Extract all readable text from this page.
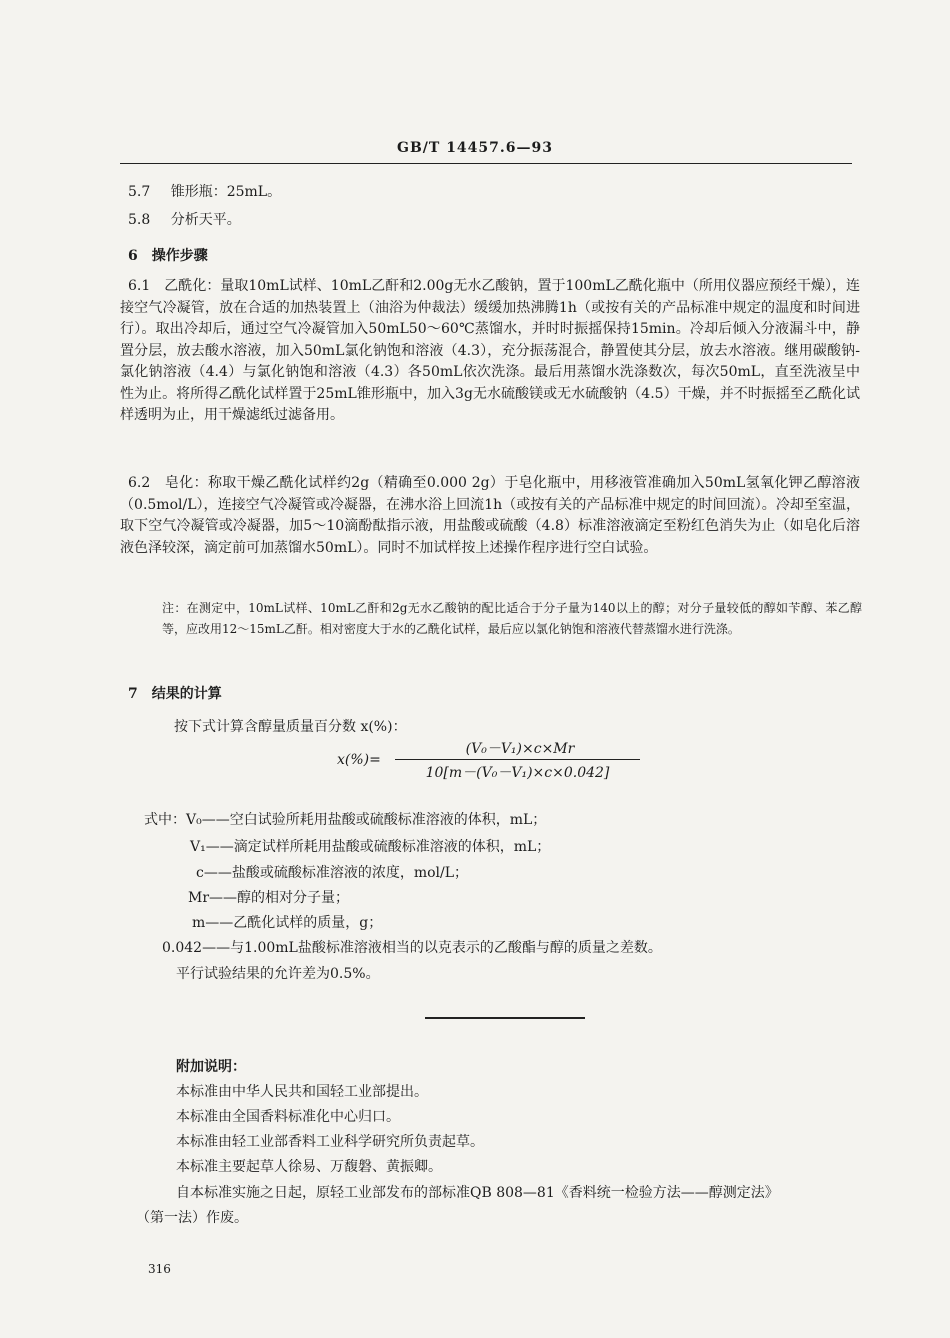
GB/T 14457.6—93
5.7 锥形瓶：25mL。
5.8 分析天平。
6　操作步骤
6.1　乙酰化：量取10mL试样、10mL乙酐和2.00g无水乙酸钠，置于100mL乙酰化瓶中（所用仪器应预经干燥），连接空气冷凝管，放在合适的加热装置上（油浴为仲裁法）缓缓加热沸腾1h（或按有关的产品标准中规定的温度和时间进行）。取出冷却后，通过空气冷凝管加入50mL50～60℃蒸馏水，并时时振摇保持15min。冷却后倾入分液漏斗中，静置分层，放去酸水溶液，加入50mL氯化钠饱和溶液（4.3），充分振荡混合，静置使其分层，放去水溶液。继用碳酸钠-氯化钠溶液（4.4）与氯化钠饱和溶液（4.3）各50mL依次洗涤。最后用蒸馏水洗涤数次，每次50mL，直至洗液呈中性为止。将所得乙酰化试样置于25mL锥形瓶中，加入3g无水硫酸镁或无水硫酸钠（4.5）干燥，并不时振摇至乙酰化试样透明为止，用干燥滤纸过滤备用。
6.2　皂化：称取干燥乙酰化试样约2g（精确至0.000 2g）于皂化瓶中，用移液管准确加入50mL氢氧化钾乙醇溶液（0.5mol/L），连接空气冷凝管或冷凝器，在沸水浴上回流1h（或按有关的产品标准中规定的时间回流）。冷却至室温，取下空气冷凝管或冷凝器，加5～10滴酚酞指示液，用盐酸或硫酸（4.8）标准溶液滴定至粉红色消失为止（如皂化后溶液色泽较深，滴定前可加蒸馏水50mL）。同时不加试样按上述操作程序进行空白试验。
注：在测定中，10mL试样、10mL乙酐和2g无水乙酸钠的配比适合于分子量为140以上的醇；对分子量较低的醇如苄醇、苯乙醇等，应改用12～15mL乙酐。相对密度大于水的乙酰化试样，最后应以氯化钠饱和溶液代替蒸馏水进行洗涤。
7　结果的计算
按下式计算含醇量质量百分数 x(%)：
x(%)=
(V₀－V₁)×c×Mr
10[m－(V₀－V₁)×c×0.042]
式中：V₀——空白试验所耗用盐酸或硫酸标准溶液的体积，mL；
V₁——滴定试样所耗用盐酸或硫酸标准溶液的体积，mL；
c——盐酸或硫酸标准溶液的浓度，mol/L；
Mr——醇的相对分子量；
m——乙酰化试样的质量，g；
0.042——与1.00mL盐酸标准溶液相当的以克表示的乙酸酯与醇的质量之差数。
平行试验结果的允许差为0.5%。
附加说明：
本标准由中华人民共和国轻工业部提出。
本标准由全国香料标准化中心归口。
本标准由轻工业部香料工业科学研究所负责起草。
本标准主要起草人徐易、万馥磐、黄振卿。
自本标准实施之日起，原轻工业部发布的部标准QB 808—81《香料统一检验方法——醇测定法》
（第一法）作废。
316
